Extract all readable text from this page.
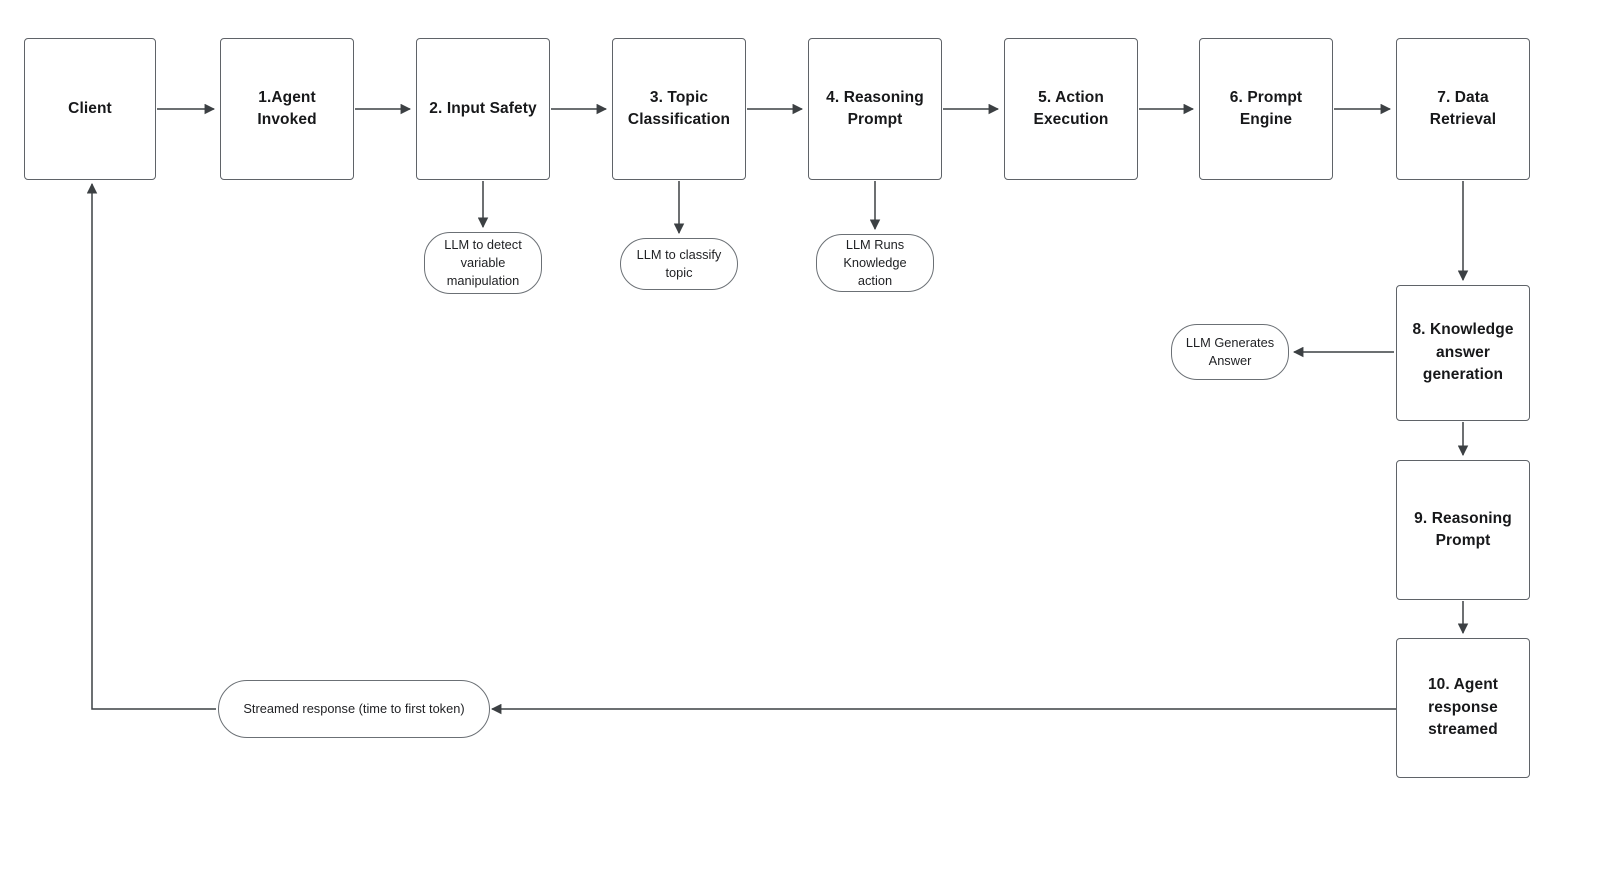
Client
1.Agent Invoked
2. Input Safety
3. Topic Classification
4. Reasoning Prompt
5. Action Execution
6. Prompt Engine
7. Data Retrieval
8. Knowledge answer generation
9. Reasoning Prompt
10. Agent response streamed
LLM to detect variable manipulation
LLM to classify topic
LLM Runs Knowledge action
LLM Generates Answer
Streamed response (time to first token)
